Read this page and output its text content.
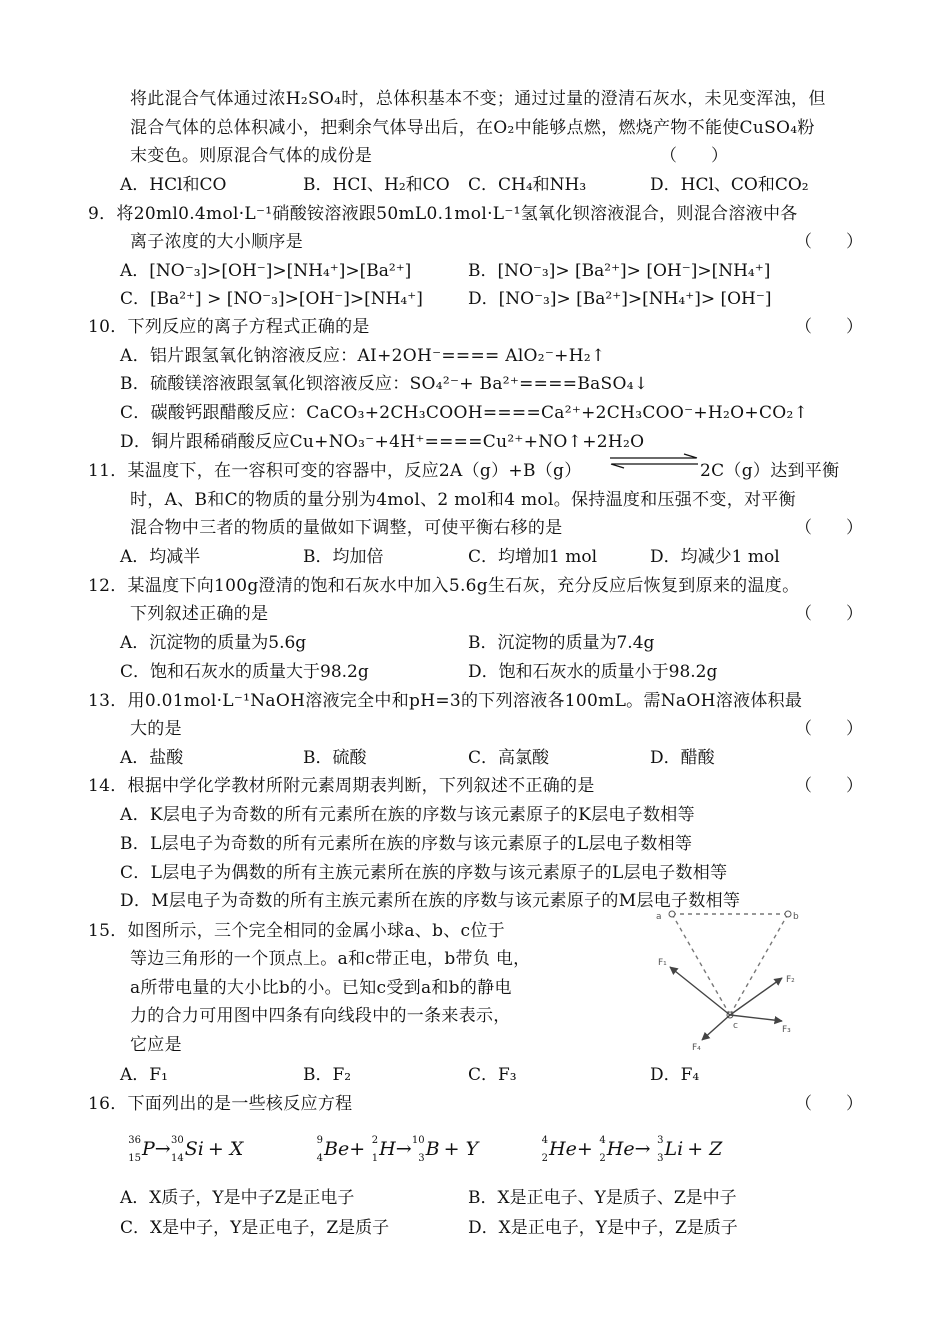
将此混合气体通过浓H₂SO₄时，总体积基本不变；通过过量的澄清石灰水，未见变浑浊，但
混合气体的总体积减小，把剩余气体导出后，在O₂中能够点燃，燃烧产物不能使CuSO₄粉
末变色。则原混合气体的成份是	（　　）
A．HCl和CO	B．HCI、H₂和CO C．CH₄和NH₃	D．HCl、CO和CO₂
9．将20ml0.4mol·L⁻¹硝酸铵溶液跟50mL0.1mol·L⁻¹氢氧化钡溶液混合，则混合溶液中各
离子浓度的大小顺序是	（　　）
A．[NO⁻₃]>[OH⁻]>[NH₄⁺]>[Ba²⁺]	B．[NO⁻₃]> [Ba²⁺]> [OH⁻]>[NH₄⁺]
C．[Ba²⁺] > [NO⁻₃]>[OH⁻]>[NH₄⁺]	D．[NO⁻₃]> [Ba²⁺]>[NH₄⁺]> [OH⁻]
10．下列反应的离子方程式正确的是	（　　）
A．铝片跟氢氧化钠溶液反应：AI+2OH⁻==== AlO₂⁻+H₂↑
B．硫酸镁溶液跟氢氧化钡溶液反应：SO₄²⁻+ Ba²⁺====BaSO₄↓
C．碳酸钙跟醋酸反应：CaCO₃+2CH₃COOH====Ca²⁺+2CH₃COO⁻+H₂O+CO₂↑
D．铜片跟稀硝酸反应Cu+NO₃⁻+4H⁺====Cu²⁺+NO↑+2H₂O
11．某温度下，在一容积可变的容器中，反应2A（g）+B（g）	2C（g）达到平衡
时，A、B和C的物质的量分别为4mol、2 mol和4 mol。保持温度和压强不变，对平衡
混合物中三者的物质的量做如下调整，可使平衡右移的是	（　　）
A．均减半	B．均加倍	C．均增加1 mol	D．均减少1 mol
12．某温度下向100g澄清的饱和石灰水中加入5.6g生石灰，充分反应后恢复到原来的温度。
下列叙述正确的是	（　　）
A．沉淀物的质量为5.6g	B．沉淀物的质量为7.4g
C．饱和石灰水的质量大于98.2g	D．饱和石灰水的质量小于98.2g
13．用0.01mol·L⁻¹NaOH溶液完全中和pH=3的下列溶液各100mL。需NaOH溶液体积最
大的是	（　　）
A．盐酸	B．硫酸	C．高氯酸	D．醋酸
14．根据中学化学教材所附元素周期表判断，下列叙述不正确的是	（　　）
A．K层电子为奇数的所有元素所在族的序数与该元素原子的K层电子数相等
B．L层电子为奇数的所有元素所在族的序数与该元素原子的L层电子数相等
C．L层电子为偶数的所有主族元素所在族的序数与该元素原子的L层电子数相等
D．M层电子为奇数的所有主族元素所在族的序数与该元素原子的M层电子数相等
15．如图所示，三个完全相同的金属小球a、b、c位于
等边三角形的一个顶点上。a和c带正电，b带负 电，
a所带电量的大小比b的小。已知c受到a和b的静电
力的合力可用图中四条有向线段中的一条来表示，
它应是
A．F₁	B．F₂	C．F₃	D．F₄
a	b
c
F₁
F₂
F₃
F₄
16．下面列出的是一些核反应方程	（　　）
36
15 P→ 30
14 Si + X	9
4 Be+ 2
1 H→ 10
3 B + Y	4
2 He+ 4
2 He→ 3
3 Li + Z
A．X质子，Y是中子Z是正电子	B．X是正电子、Y是质子、Z是中子
C．X是中子，Y是正电子，Z是质子	D．X是正电子，Y是中子，Z是质子
